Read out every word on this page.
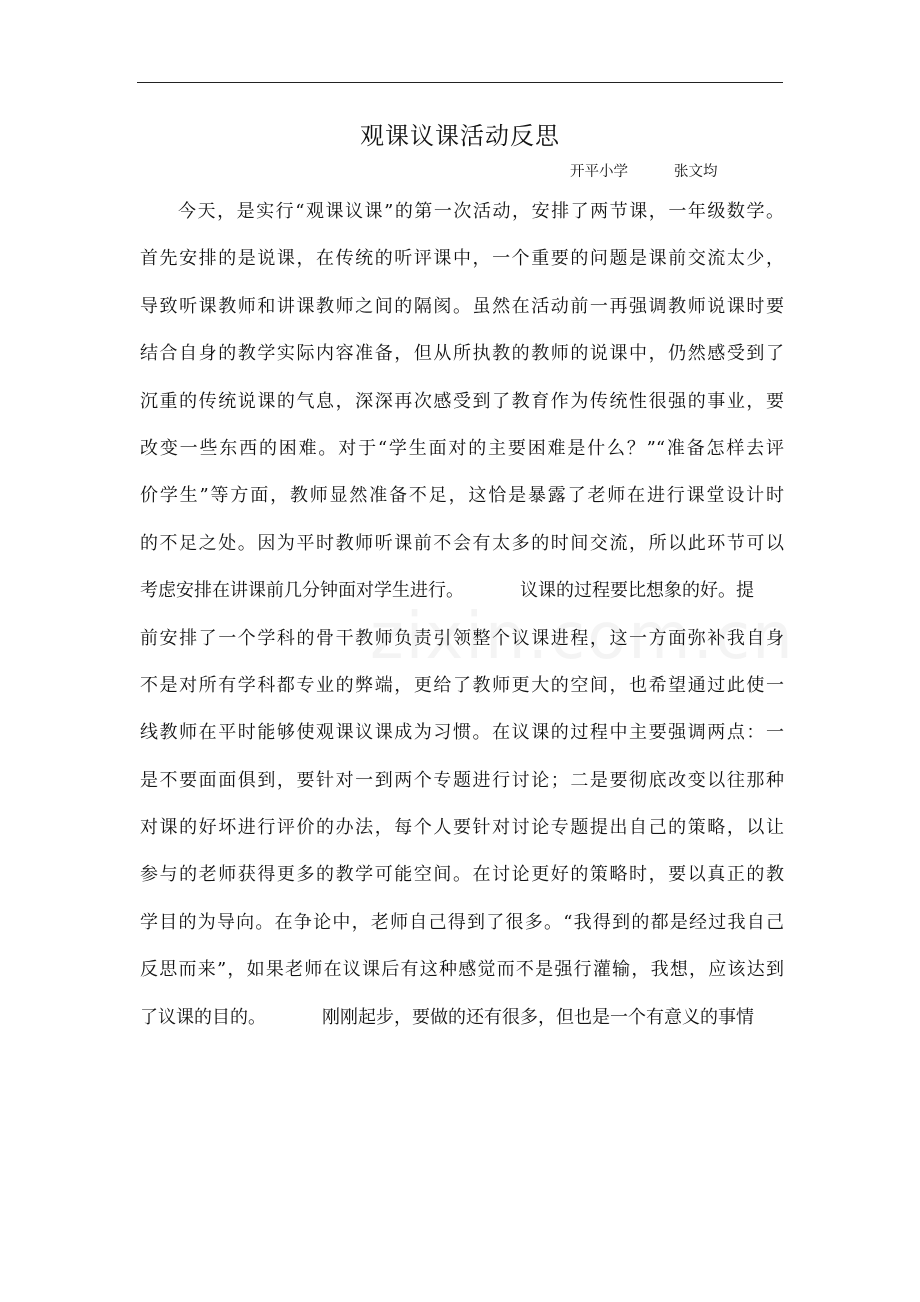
观课议课活动反思
开平小学	张文均
今天，是实行“观课议课”的第一次活动，安排了两节课，一年级数学。
首先安排的是说课，在传统的听评课中，一个重要的问题是课前交流太少，
导致听课教师和讲课教师之间的隔阂。虽然在活动前一再强调教师说课时要
结合自身的教学实际内容准备，但从所执教的教师的说课中，仍然感受到了
沉重的传统说课的气息，深深再次感受到了教育作为传统性很强的事业，要
改变一些东西的困难。对于“学生面对的主要困难是什么？”“准备怎样去评
价学生”等方面，教师显然准备不足，这恰是暴露了老师在进行课堂设计时
的不足之处。因为平时教师听课前不会有太多的时间交流，所以此环节可以
考虑安排在讲课前几分钟面对学生进行。	议课的过程要比想象的好。提
前安排了一个学科的骨干教师负责引领整个议课进程，这一方面弥补我自身
不是对所有学科都专业的弊端，更给了教师更大的空间，也希望通过此使一
线教师在平时能够使观课议课成为习惯。在议课的过程中主要强调两点：一
是不要面面俱到，要针对一到两个专题进行讨论；二是要彻底改变以往那种
对课的好坏进行评价的办法，每个人要针对讨论专题提出自己的策略，以让
参与的老师获得更多的教学可能空间。在讨论更好的策略时，要以真正的教
学目的为导向。在争论中，老师自己得到了很多。“我得到的都是经过我自己
反思而来”，如果老师在议课后有这种感觉而不是强行灌输，我想，应该达到
了议课的目的。	刚刚起步，要做的还有很多，但也是一个有意义的事情
